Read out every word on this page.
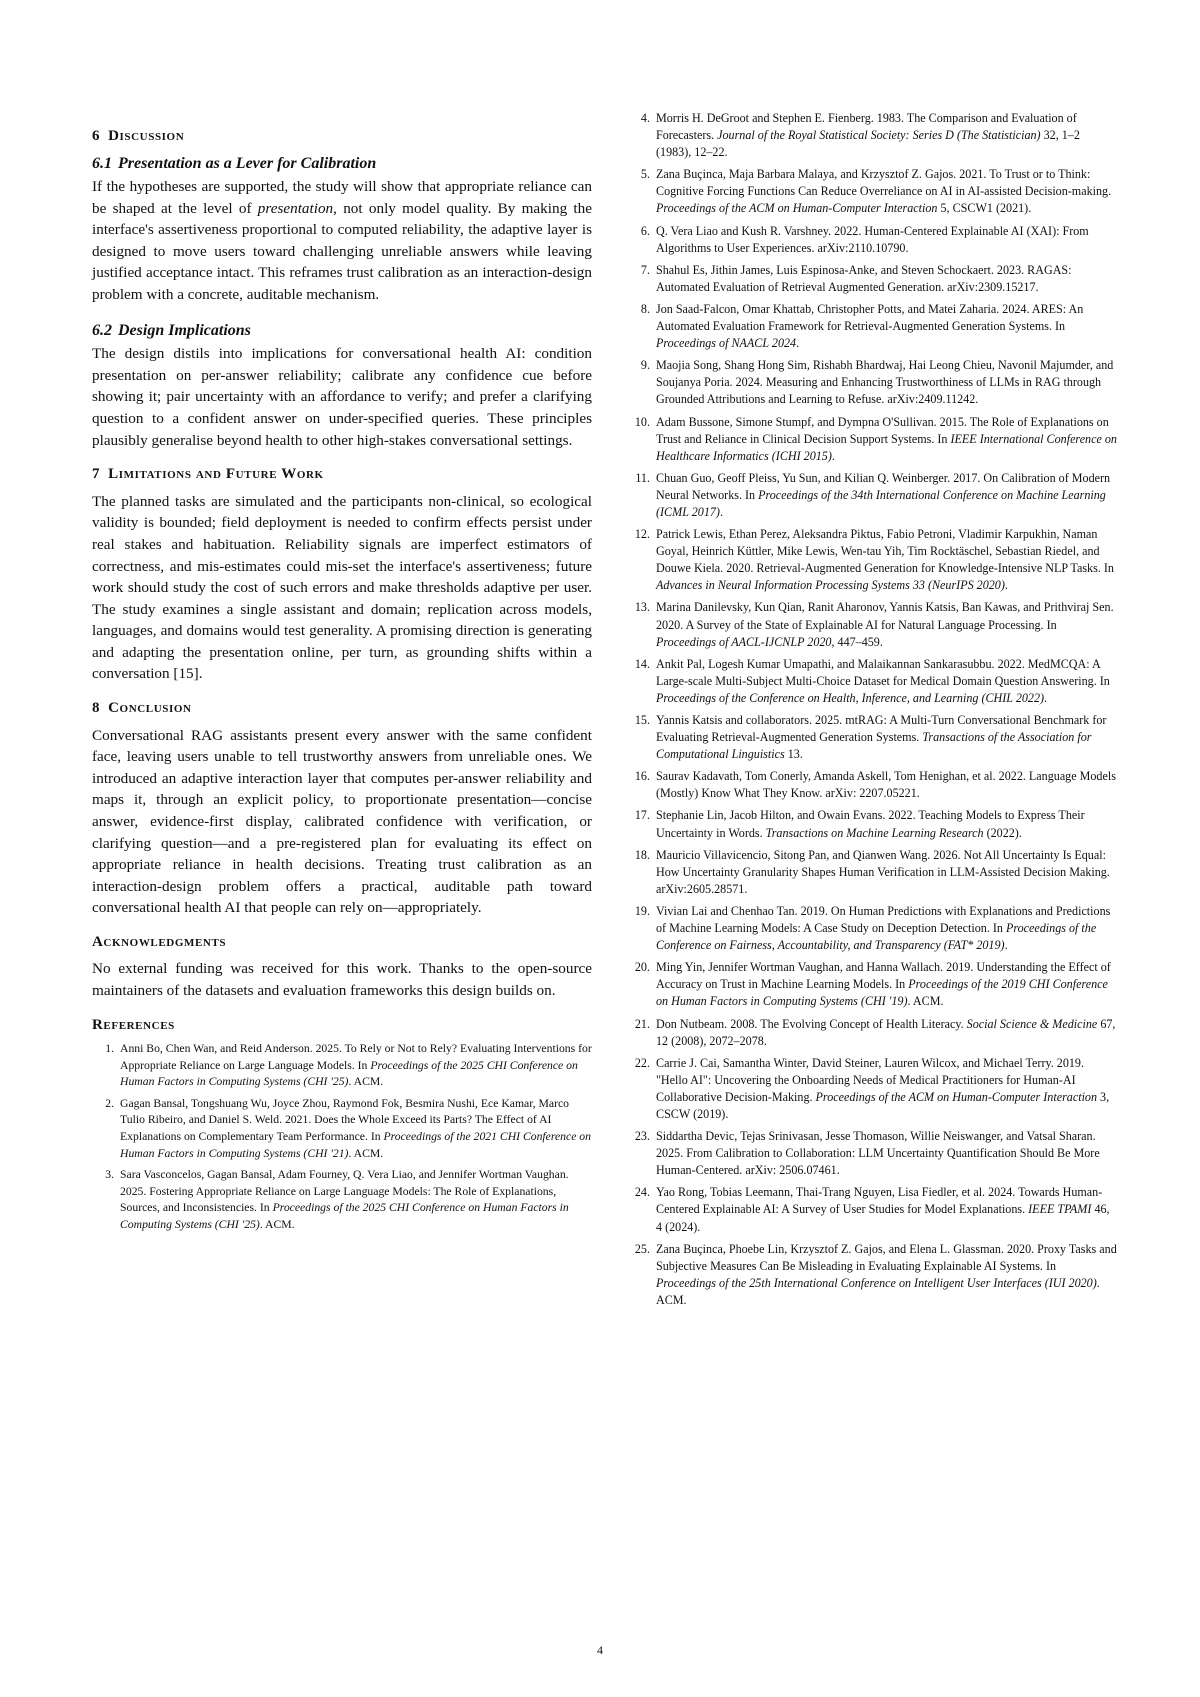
6 Discussion
6.1 Presentation as a Lever for Calibration

If the hypotheses are supported, the study will show that appropriate reliance can be shaped at the level of presentation, not only model quality. By making the interface's assertiveness proportional to computed reliability, the adaptive layer is designed to move users toward challenging unreliable answers while leaving justified acceptance intact. This reframes trust calibration as an interaction-design problem with a concrete, auditable mechanism.

6.2 Design Implications

The design distils into implications for conversational health AI: condition presentation on per-answer reliability; calibrate any confidence cue before showing it; pair uncertainty with an affordance to verify; and prefer a clarifying question to a confident answer on under-specified queries. These principles plausibly generalise beyond health to other high-stakes conversational settings.

7 Limitations and Future Work

The planned tasks are simulated and the participants non-clinical, so ecological validity is bounded; field deployment is needed to confirm effects persist under real stakes and habituation. Reliability signals are imperfect estimators of correctness, and mis-estimates could mis-set the interface's assertiveness; future work should study the cost of such errors and make thresholds adaptive per user. The study examines a single assistant and domain; replication across models, languages, and domains would test generality. A promising direction is generating and adapting the presentation online, per turn, as grounding shifts within a conversation [15].

8 Conclusion

Conversational RAG assistants present every answer with the same confident face, leaving users unable to tell trustworthy answers from unreliable ones. We introduced an adaptive interaction layer that computes per-answer reliability and maps it, through an explicit policy, to proportionate presentation—concise answer, evidence-first display, calibrated confidence with verification, or clarifying question—and a pre-registered plan for evaluating its effect on appropriate reliance in health decisions. Treating trust calibration as an interaction-design problem offers a practical, auditable path toward conversational health AI that people can rely on—appropriately.

Acknowledgments

No external funding was received for this work. Thanks to the open-source maintainers of the datasets and evaluation frameworks this design builds on.

References
1. Anni Bo, Chen Wan, and Reid Anderson. 2025. To Rely or Not to Rely? Evaluating Interventions for Appropriate Reliance on Large Language Models. In Proceedings of the 2025 CHI Conference on Human Factors in Computing Systems (CHI '25). ACM.
2. Gagan Bansal, Tongshuang Wu, Joyce Zhou, Raymond Fok, Besmira Nushi, Ece Kamar, Marco Tulio Ribeiro, and Daniel S. Weld. 2021. Does the Whole Exceed its Parts? The Effect of AI Explanations on Complementary Team Performance. In Proceedings of the 2021 CHI Conference on Human Factors in Computing Systems (CHI '21). ACM.
3. Sara Vasconcelos, Gagan Bansal, Adam Fourney, Q. Vera Liao, and Jennifer Wortman Vaughan. 2025. Fostering Appropriate Reliance on Large Language Models: The Role of Explanations, Sources, and Inconsistencies. In Proceedings of the 2025 CHI Conference on Human Factors in Computing Systems (CHI '25). ACM.
4. Morris H. DeGroot and Stephen E. Fienberg. 1983. The Comparison and Evaluation of Forecasters. Journal of the Royal Statistical Society: Series D (The Statistician) 32, 1–2 (1983), 12–22.
5. Zana Buçinca, Maja Barbara Malaya, and Krzysztof Z. Gajos. 2021. To Trust or to Think: Cognitive Forcing Functions Can Reduce Overreliance on AI in AI-assisted Decision-making. Proceedings of the ACM on Human-Computer Interaction 5, CSCW1 (2021).
6. Q. Vera Liao and Kush R. Varshney. 2022. Human-Centered Explainable AI (XAI): From Algorithms to User Experiences. arXiv:2110.10790.
7. Shahul Es, Jithin James, Luis Espinosa-Anke, and Steven Schockaert. 2023. RAGAS: Automated Evaluation of Retrieval Augmented Generation. arXiv:2309.15217.
8. Jon Saad-Falcon, Omar Khattab, Christopher Potts, and Matei Zaharia. 2024. ARES: An Automated Evaluation Framework for Retrieval-Augmented Generation Systems. In Proceedings of NAACL 2024.
9. Maojia Song, Shang Hong Sim, Rishabh Bhardwaj, Hai Leong Chieu, Navonil Majumder, and Soujanya Poria. 2024. Measuring and Enhancing Trustworthiness of LLMs in RAG through Grounded Attributions and Learning to Refuse. arXiv:2409.11242.
10. Adam Bussone, Simone Stumpf, and Dympna O'Sullivan. 2015. The Role of Explanations on Trust and Reliance in Clinical Decision Support Systems. In IEEE International Conference on Healthcare Informatics (ICHI 2015).
11. Chuan Guo, Geoff Pleiss, Yu Sun, and Kilian Q. Weinberger. 2017. On Calibration of Modern Neural Networks. In Proceedings of the 34th International Conference on Machine Learning (ICML 2017).
12. Patrick Lewis, Ethan Perez, Aleksandra Piktus, Fabio Petroni, Vladimir Karpukhin, Naman Goyal, Heinrich Küttler, Mike Lewis, Wen-tau Yih, Tim Rocktäschel, Sebastian Riedel, and Douwe Kiela. 2020. Retrieval-Augmented Generation for Knowledge-Intensive NLP Tasks. In Advances in Neural Information Processing Systems 33 (NeurIPS 2020).
13. Marina Danilevsky, Kun Qian, Ranit Aharonov, Yannis Katsis, Ban Kawas, and Prithviraj Sen. 2020. A Survey of the State of Explainable AI for Natural Language Processing. In Proceedings of AACL-IJCNLP 2020, 447–459.
14. Ankit Pal, Logesh Kumar Umapathi, and Malaikannan Sankarasubbu. 2022. MedMCQA: A Large-scale Multi-Subject Multi-Choice Dataset for Medical Domain Question Answering. In Proceedings of the Conference on Health, Inference, and Learning (CHIL 2022).
15. Yannis Katsis and collaborators. 2025. mtRAG: A Multi-Turn Conversational Benchmark for Evaluating Retrieval-Augmented Generation Systems. Transactions of the Association for Computational Linguistics 13.
16. Saurav Kadavath, Tom Conerly, Amanda Askell, Tom Henighan, et al. 2022. Language Models (Mostly) Know What They Know. arXiv: 2207.05221.
17. Stephanie Lin, Jacob Hilton, and Owain Evans. 2022. Teaching Models to Express Their Uncertainty in Words. Transactions on Machine Learning Research (2022).
18. Mauricio Villavicencio, Sitong Pan, and Qianwen Wang. 2026. Not All Uncertainty Is Equal: How Uncertainty Granularity Shapes Human Verification in LLM-Assisted Decision Making. arXiv:2605.28571.
19. Vivian Lai and Chenhao Tan. 2019. On Human Predictions with Explanations and Predictions of Machine Learning Models: A Case Study on Deception Detection. In Proceedings of the Conference on Fairness, Accountability, and Transparency (FAT* 2019).
20. Ming Yin, Jennifer Wortman Vaughan, and Hanna Wallach. 2019. Understanding the Effect of Accuracy on Trust in Machine Learning Models. In Proceedings of the 2019 CHI Conference on Human Factors in Computing Systems (CHI '19). ACM.
21. Don Nutbeam. 2008. The Evolving Concept of Health Literacy. Social Science & Medicine 67, 12 (2008), 2072–2078.
22. Carrie J. Cai, Samantha Winter, David Steiner, Lauren Wilcox, and Michael Terry. 2019. "Hello AI": Uncovering the Onboarding Needs of Medical Practitioners for Human-AI Collaborative Decision-Making. Proceedings of the ACM on Human-Computer Interaction 3, CSCW (2019).
23. Siddartha Devic, Tejas Srinivasan, Jesse Thomason, Willie Neiswanger, and Vatsal Sharan. 2025. From Calibration to Collaboration: LLM Uncertainty Quantification Should Be More Human-Centered. arXiv: 2506.07461.
24. Yao Rong, Tobias Leemann, Thai-Trang Nguyen, Lisa Fiedler, et al. 2024. Towards Human-Centered Explainable AI: A Survey of User Studies for Model Explanations. IEEE TPAMI 46, 4 (2024).
25. Zana Buçinca, Phoebe Lin, Krzysztof Z. Gajos, and Elena L. Glassman. 2020. Proxy Tasks and Subjective Measures Can Be Misleading in Evaluating Explainable AI Systems. In Proceedings of the 25th International Conference on Intelligent User Interfaces (IUI 2020). ACM.
4
